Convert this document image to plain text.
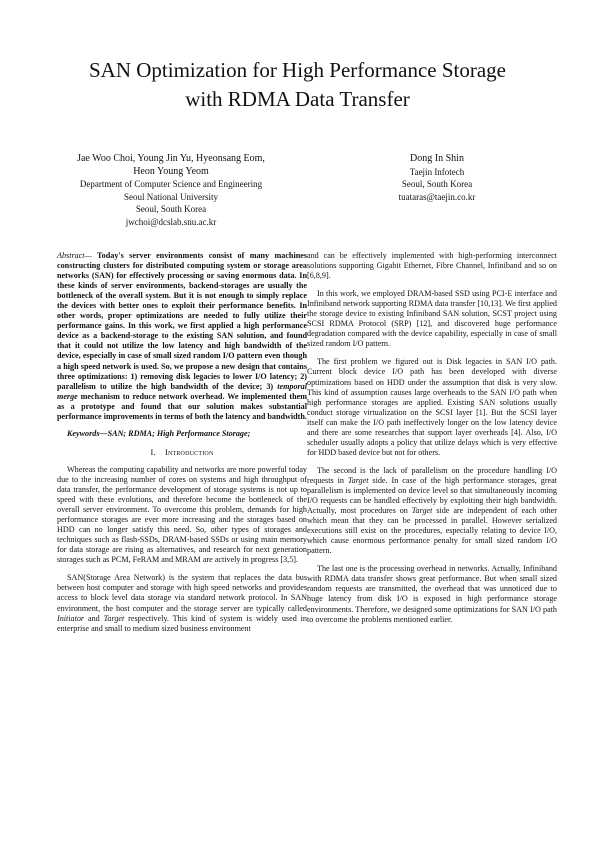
SAN Optimization for High Performance Storage
with RDMA Data Transfer
Jae Woo Choi, Young Jin Yu, Hyeonsang Eom,
Heon Young Yeom
Department of Computer Science and Engineering
Seoul National University
Seoul, South Korea
jwchoi@dcslab.snu.ac.kr
Dong In Shin
Taejin Infotech
Seoul, South Korea
tuataras@taejin.co.kr

Abstract— Today's server environments consist of many machines constructing clusters for distributed computing system or storage area networks (SAN) for effectively processing or saving enormous data. In these kinds of server environments, backend-storages are usually the bottleneck of the overall system. But it is not enough to simply replace the devices with better ones to exploit their performance benefits. In other words, proper optimizations are needed to fully utilize their performance gains. In this work, we first applied a high performance device as a backend-storage to the existing SAN solution, and found that it could not utilize the low latency and high bandwidth of the device, especially in case of small sized random I/O pattern even though a high speed network is used. So, we propose a new design that contains three optimizations: 1) removing disk legacies to lower I/O latency; 2) parallelism to utilize the high bandwidth of the device; 3) temporal merge mechanism to reduce network overhead. We implemented them as a prototype and found that our solution makes substantial performance improvements in terms of both the latency and bandwidth.

Keywords—SAN; RDMA; High Performance Storage;

I. Introduction

Whereas the computing capability and networks are more powerful today due to the increasing number of cores on systems and high throughput of data transfer, the performance development of storage systems is not up to speed with these evolutions, and therefore become the bottleneck of the overall server environment. To overcome this problem, demands for high performance storages are ever more increasing and the storages based on HDD can no longer satisfy this need. So, other types of storages and techniques such as flash-SSDs, DRAM-based SSDs or using main memory for data storage are rising as alternatives, and research for next generation storages such as PCM, FeRAM and MRAM are actively in progress [3,5].

SAN(Storage Area Network) is the system that replaces the data bus between host computer and storage with high speed networks and provides access to block level data storage via standard network protocol. In SAN environment, the host computer and the storage server are typically called Initiator and Target respectively. This kind of system is widely used in enterprise and small to medium sized business environment

and can be effectively implemented with high-performing interconnect solutions supporting Gigabit Ethernet, Fibre Channel, Infiniband and so on [6,8,9].

In this work, we employed DRAM-based SSD using PCI-E interface and Infiniband network supporting RDMA data transfer [10,13]. We first applied the storage device to existing Infiniband SAN solution, SCST project using SCSI RDMA Protocol (SRP) [12], and discovered huge performance degradation compared with the device capability, especially in case of small sized random I/O pattern.

The first problem we figured out is Disk legacies in SAN I/O path. Current block device I/O path has been developed with diverse optimizations based on HDD under the assumption that disk is very slow. This kind of assumption causes large overheads to the SAN I/O path when high performance storages are applied. Existing SAN solutions usually conduct storage virtualization on the SCSI layer [1]. But the SCSI layer itself can make the I/O path ineffectively longer on the low latency device and there are some researches that support layer overheads [4]. Also, I/O scheduler usually adopts a policy that utilize delays which is very effective for HDD based device but not for others.

The second is the lack of parallelism on the procedure handling I/O requests in Target side. In case of the high performance storages, great parallelism is implemented on device level so that simultaneously incoming I/O requests can be handled effectively by exploiting their high bandwidth. Actually, most procedures on Target side are independent of each other which mean that they can be processed in parallel. However serialized executions still exist on the procedures, especially relating to device I/O, which cause enormous performance penalty for small sized random I/O pattern.

The last one is the processing overhead in networks. Actually, Infiniband with RDMA data transfer shows great performance. But when small sized random requests are transmitted, the overhead that was unnoticed due to huge latency from disk I/O is exposed in high performance storage environments. Therefore, we designed some optimizations for SAN I/O path to overcome the problems mentioned earlier.
